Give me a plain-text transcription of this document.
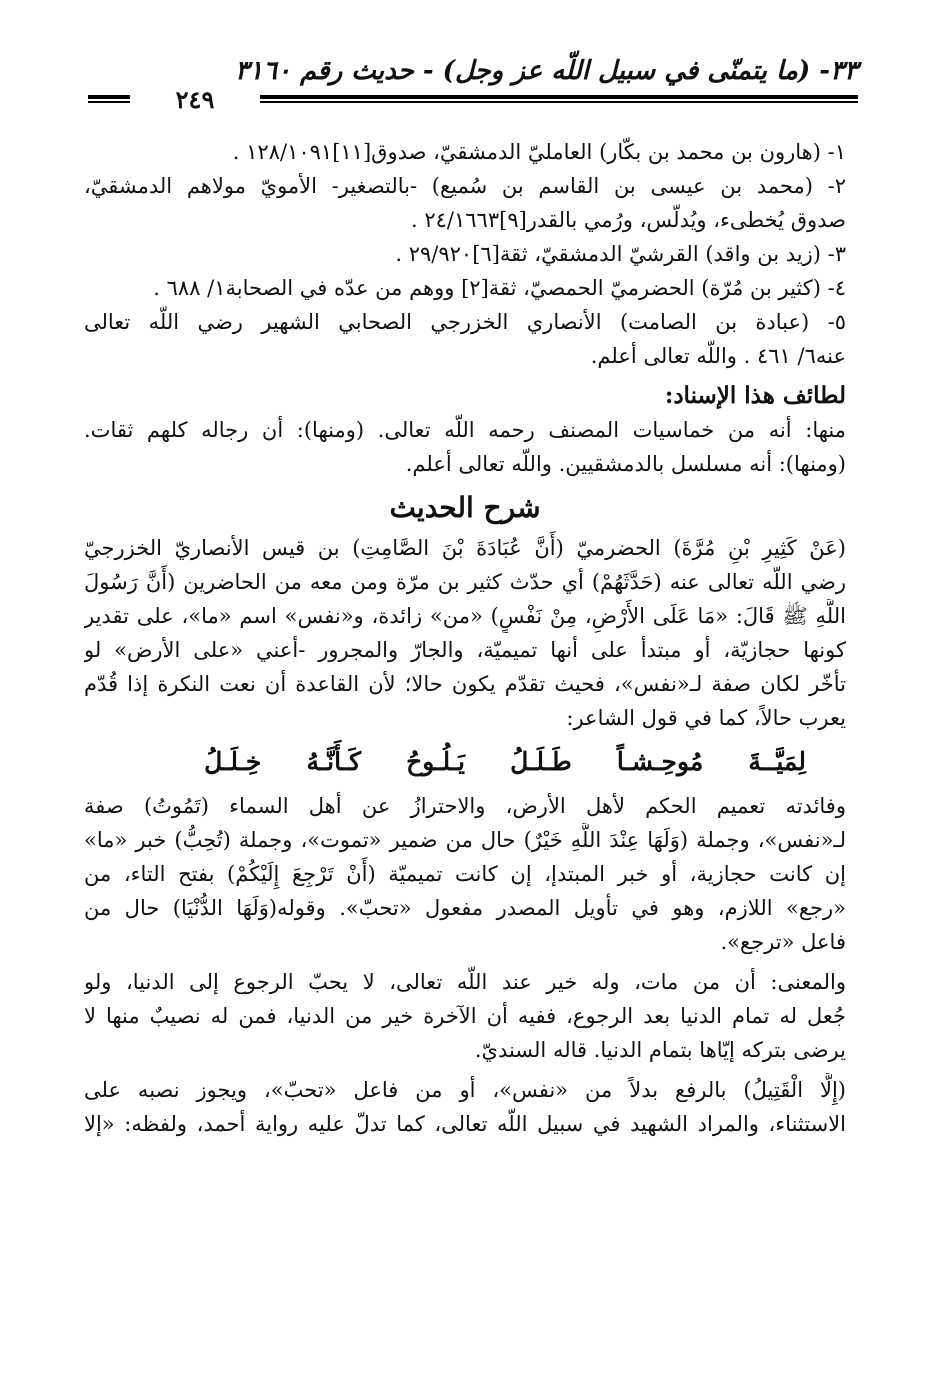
٣٣- (ما يتمنّى في سبيل اللّه عز وجل) - حديث رقم ٣١٦٠
٢٤٩
١- (هارون بن محمد بن بكّار) العامليّ الدمشقيّ، صدوق[١١]١٢٨/١٠٩١ .
٢- (محمد بن عيسى بن القاسم بن سُميع) -بالتصغير- الأمويّ مولاهم الدمشقيّ،
صدوق يُخطىء، ويُدلّس، ورُمي بالقدر[٩]٢٤/١٦٦٣ .
٣- (زيد بن واقد) القرشيّ الدمشقيّ، ثقة[٦]٢٩/٩٢٠ .
٤- (كثير بن مُرّة) الحضرميّ الحمصيّ، ثقة[٢] ووهم من عدّه في الصحابة١/ ٦٨٨ .
٥- (عبادة بن الصامت) الأنصاري الخزرجي الصحابي الشهير رضي اللّه تعالى
عنه٦/ ٤٦١ . واللّه تعالى أعلم.
لطائف هذا الإسناد:
منها: أنه من خماسيات المصنف رحمه اللّه تعالى. (ومنها): أن رجاله كلهم ثقات.
(ومنها): أنه مسلسل بالدمشقيين. واللّه تعالى أعلم.
شرح الحديث
(عَنْ كَثِيرِ بْنِ مُرَّةَ) الحضرميّ (أَنَّ عُبَادَةَ بْنَ الصَّامِتِ) بن قيس الأنصاريّ الخزرجيّ
رضي اللّه تعالى عنه (حَدَّثَهُمْ) أي حدّث كثير بن مرّة ومن معه من الحاضرين (أَنَّ رَسُولَ
اللَّهِ ﷺ قَالَ: «مَا عَلَى الأَرْضِ، مِنْ نَفْسٍ) «من» زائدة، و«نفس» اسم «ما»، على تقدير
كونها حجازيّة، أو مبتدأ على أنها تميميّة، والجارّ والمجرور -أعني «على الأرض» لو
تأخّر لكان صفة لـ«نفس»، فحيث تقدّم يكون حالا؛ لأن القاعدة أن نعت النكرة إذا قُدّم
يعرب حالاً، كما في قول الشاعر:
لِمَيَّــةَ
مُوحِـشـاً
طَـلَـلُ
يَـلُـوحُ
كَـأَنَّـهُ
خِـلَـلُ
وفائدته تعميم الحكم لأهل الأرض، والاحترازُ عن أهل السماء (تَمُوتُ) صفة
لـ«نفس»، وجملة (وَلَهَا عِنْدَ اللَّهِ خَيْرٌ) حال من ضمير «تموت»، وجملة (تُحِبُّ) خبر «ما»
إن كانت حجازية، أو خبر المبتدإ، إن كانت تميميّة (أَنْ تَرْجِعَ إِلَيْكُمْ) بفتح التاء، من
«رجع» اللازم، وهو في تأويل المصدر مفعول «تحبّ». وقوله(وَلَهَا الدُّنْيَا) حال من
فاعل «ترجع».
والمعنى: أن من مات، وله خير عند اللّه تعالى، لا يحبّ الرجوع إلى الدنيا، ولو
جُعل له تمام الدنيا بعد الرجوع، ففيه أن الآخرة خير من الدنيا، فمن له نصيبٌ منها لا
يرضى بتركه إيّاها بتمام الدنيا. قاله السنديّ.
(إِلَّا الْقَتِيلُ) بالرفع بدلاً من «نفس»، أو من فاعل «تحبّ»، ويجوز نصبه على
الاستثناء، والمراد الشهيد في سبيل اللّه تعالى، كما تدلّ عليه رواية أحمد، ولفظه: «إلا
